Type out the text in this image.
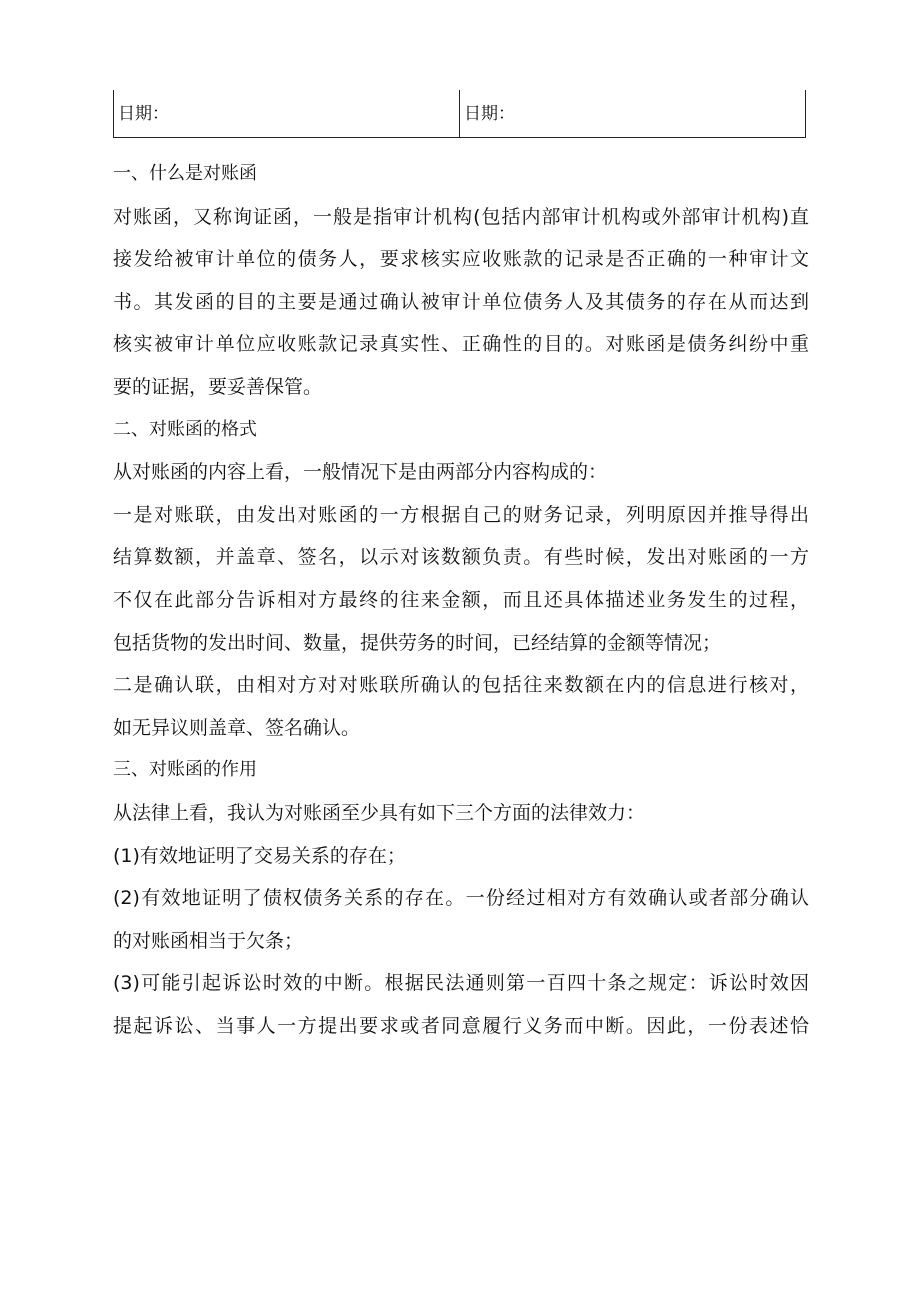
日期：	日期：
一、什么是对账函
对账函，又称询证函，一般是指审计机构(包括内部审计机构或外部审计机构)直
接发给被审计单位的债务人，要求核实应收账款的记录是否正确的一种审计文
书。其发函的目的主要是通过确认被审计单位债务人及其债务的存在从而达到
核实被审计单位应收账款记录真实性、正确性的目的。对账函是债务纠纷中重
要的证据，要妥善保管。
二、对账函的格式
从对账函的内容上看，一般情况下是由两部分内容构成的：
一是对账联，由发出对账函的一方根据自己的财务记录，列明原因并推导得出
结算数额，并盖章、签名，以示对该数额负责。有些时候，发出对账函的一方
不仅在此部分告诉相对方最终的往来金额，而且还具体描述业务发生的过程，
包括货物的发出时间、数量，提供劳务的时间，已经结算的金额等情况；
二是确认联，由相对方对对账联所确认的包括往来数额在内的信息进行核对，
如无异议则盖章、签名确认。
三、对账函的作用
从法律上看，我认为对账函至少具有如下三个方面的法律效力：
(1)有效地证明了交易关系的存在；
(2)有效地证明了债权债务关系的存在。一份经过相对方有效确认或者部分确认
的对账函相当于欠条；
(3)可能引起诉讼时效的中断。根据民法通则第一百四十条之规定：诉讼时效因
提起诉讼、当事人一方提出要求或者同意履行义务而中断。因此，一份表述恰
